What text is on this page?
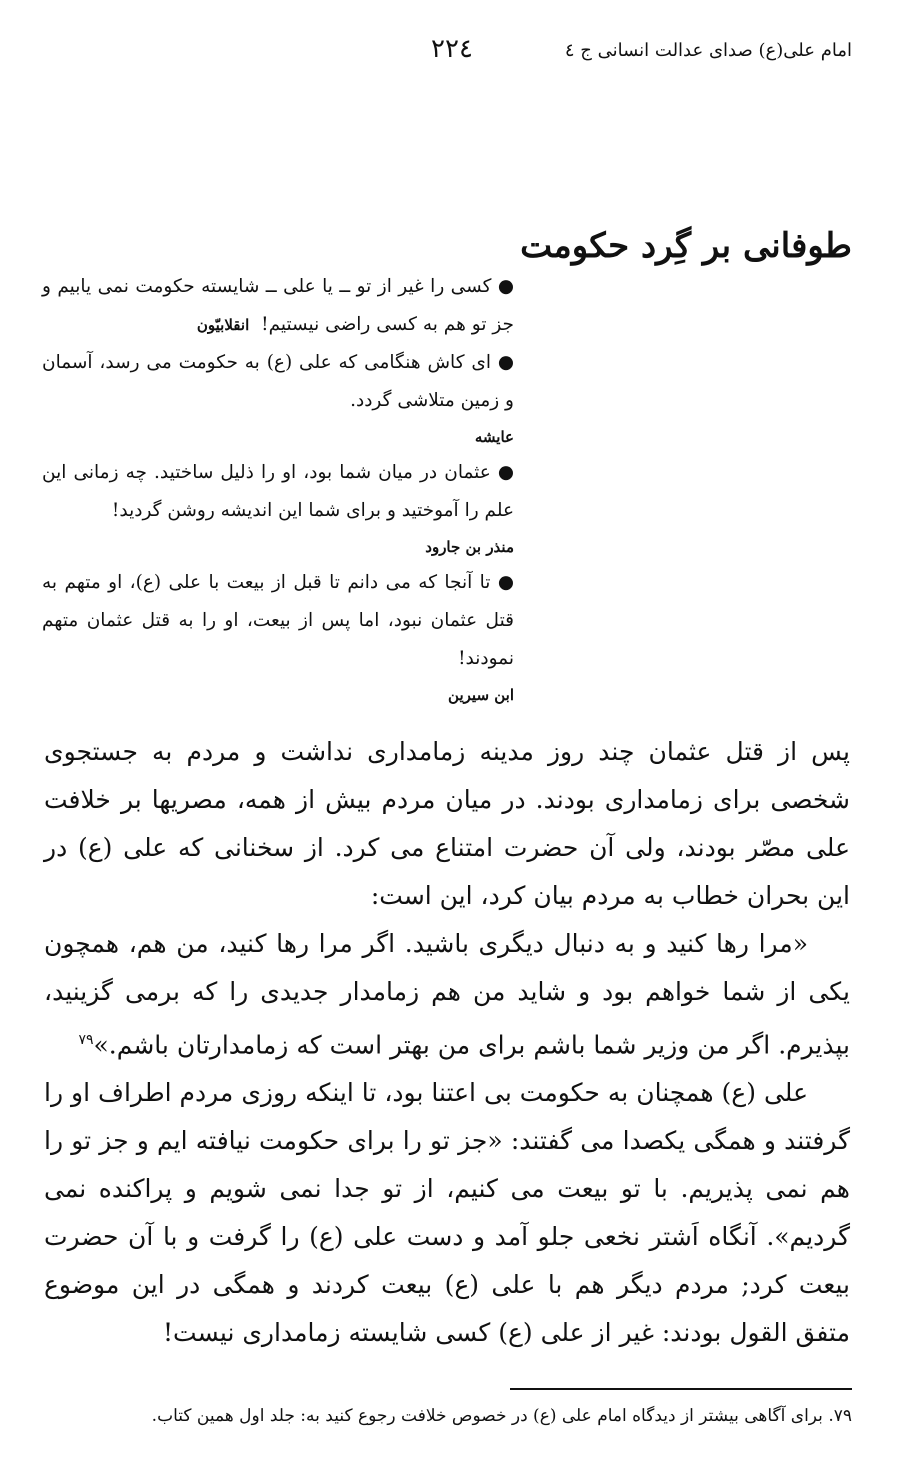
امام علی(ع) صدای عدالت انسانی ج ٤
٢٢٤
طوفانی بر گِرد حکومت

● کسی را غیر از تو ــ یا علی ــ شایسته حکومت نمی یابیم و جز تو هم به کسی راضی نیستیم! انقلابیّون

● ای کاش هنگامی که علی (ع) به حکومت می رسد، آسمان و زمین متلاشی گردد.

عایشه

● عثمان در میان شما بود، او را ذلیل ساختید. چه زمانی این علم را آموختید و برای شما این اندیشه روشن گردید!

منذر بن جارود

● تا آنجا که می دانم تا قبل از بیعت با علی (ع)، او متهم به قتل عثمان نبود، اما پس از بیعت، او را به قتل عثمان متهم نمودند!

ابن سیرین

پس از قتل عثمان چند روز مدینه زمامداری نداشت و مردم به جستجوی شخصی برای زمامداری بودند. در میان مردم بیش از همه، مصریها بر خلافت علی مصّر بودند، ولی آن حضرت امتناع می کرد. از سخنانی که علی (ع) در این بحران خطاب به مردم بیان کرد، این است:

«مرا رها کنید و به دنبال دیگری باشید. اگر مرا رها کنید، من هم، همچون یکی از شما خواهم بود و شاید من هم زمامدار جدیدی را که برمی گزینید، بپذیرم. اگر من وزیر شما باشم برای من بهتر است که زمامدارتان باشم.»$^{٧٩}$

علی (ع) همچنان به حکومت بی اعتنا بود، تا اینکه روزی مردم اطراف او را گرفتند و همگی یکصدا می گفتند: «جز تو را برای حکومت نیافته ایم و جز تو را هم نمی پذیریم. با تو بیعت می کنیم، از تو جدا نمی شویم و پراکنده نمی گردیم». آنگاه اَشتر نخعی جلو آمد و دست علی (ع) را گرفت و با آن حضرت بیعت کرد; مردم دیگر هم با علی (ع) بیعت کردند و همگی در این موضوع متفق القول بودند: غیر از علی (ع) کسی شایسته زمامداری نیست!

٧٩. برای آگاهی بیشتر از دیدگاه امام علی (ع) در خصوص خلافت رجوع کنید به: جلد اول همین کتاب.
